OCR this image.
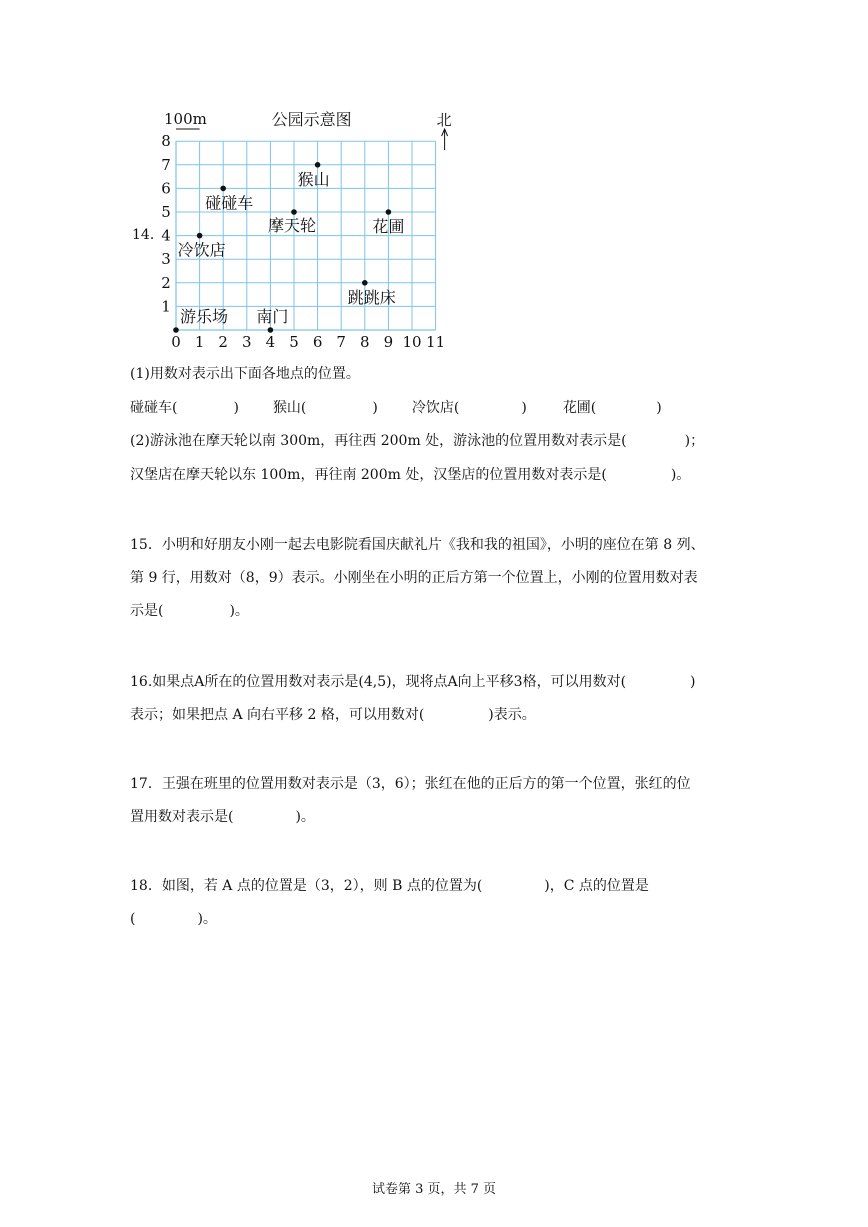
14．
100m	公园示意图	北
0 1 2 3 4 5 6 7 8 9 10 11
1
2
3
4
5
6
7
8
猴山
碰碰车
摩天轮	花圃
冷饮店
跳跳床
游乐场 南门
(1)用数对表示出下面各地点的位置。
碰碰车(	) 猴山(	) 冷饮店(	)	花圃(	)
(2)游泳池在摩天轮以南 300m，再往西 200m 处，游泳池的位置用数对表示是(	)；
汉堡店在摩天轮以东 100m，再往南 200m 处，汉堡店的位置用数对表示是(	)。
15．小明和好朋友小刚一起去电影院看国庆献礼片《我和我的祖国》，小明的座位在第 8 列、
第 9 行，用数对（8，9）表示。小刚坐在小明的正后方第一个位置上，小刚的位置用数对表
示是(	)。
16.如果点A所在的位置用数对表示是(4,5)，现将点A向上平移3格，可以用数对(	)
表示；如果把点 A 向右平移 2 格，可以用数对(	)表示。
17．王强在班里的位置用数对表示是（3，6）；张红在他的正后方的第一个位置，张红的位
置用数对表示是(	)。
18．如图，若 A 点的位置是（3，2），则 B 点的位置为(	)，C 点的位置是
(	)。
试卷第 3 页，共 7 页
